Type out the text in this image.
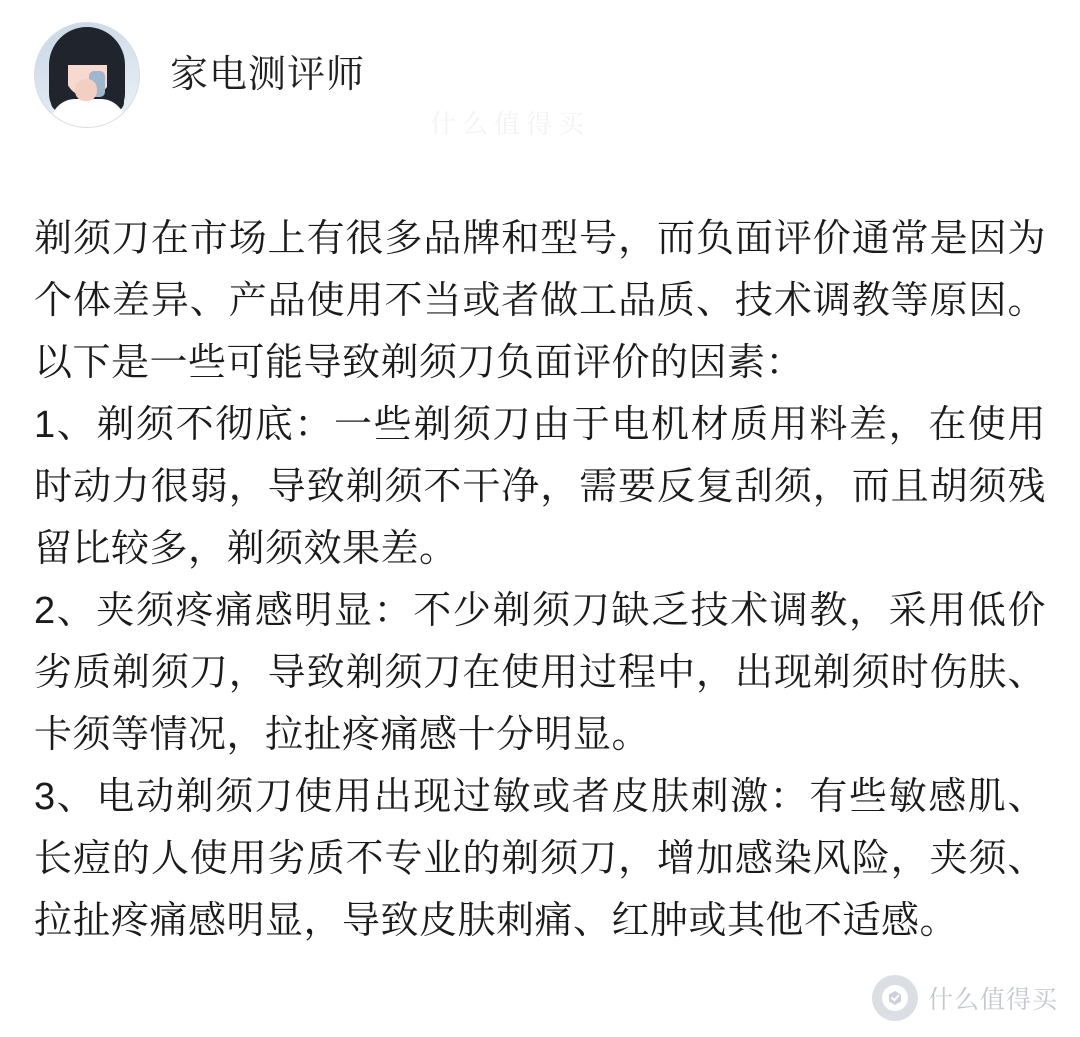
家电测评师
什么值得买

剃须刀在市场上有很多品牌和型号，而负面评价通常是因为个体差异、产品使用不当或者做工品质、技术调教等原因。以下是一些可能导致剃须刀负面评价的因素：

1、剃须不彻底：一些剃须刀由于电机材质用料差，在使用时动力很弱，导致剃须不干净，需要反复刮须，而且胡须残留比较多，剃须效果差。

2、夹须疼痛感明显：不少剃须刀缺乏技术调教，采用低价劣质剃须刀，导致剃须刀在使用过程中，出现剃须时伤肤、卡须等情况，拉扯疼痛感十分明显。

3、电动剃须刀使用出现过敏或者皮肤刺激：有些敏感肌、长痘的人使用劣质不专业的剃须刀，增加感染风险，夹须、拉扯疼痛感明显，导致皮肤刺痛、红肿或其他不适感。

什么值得买
